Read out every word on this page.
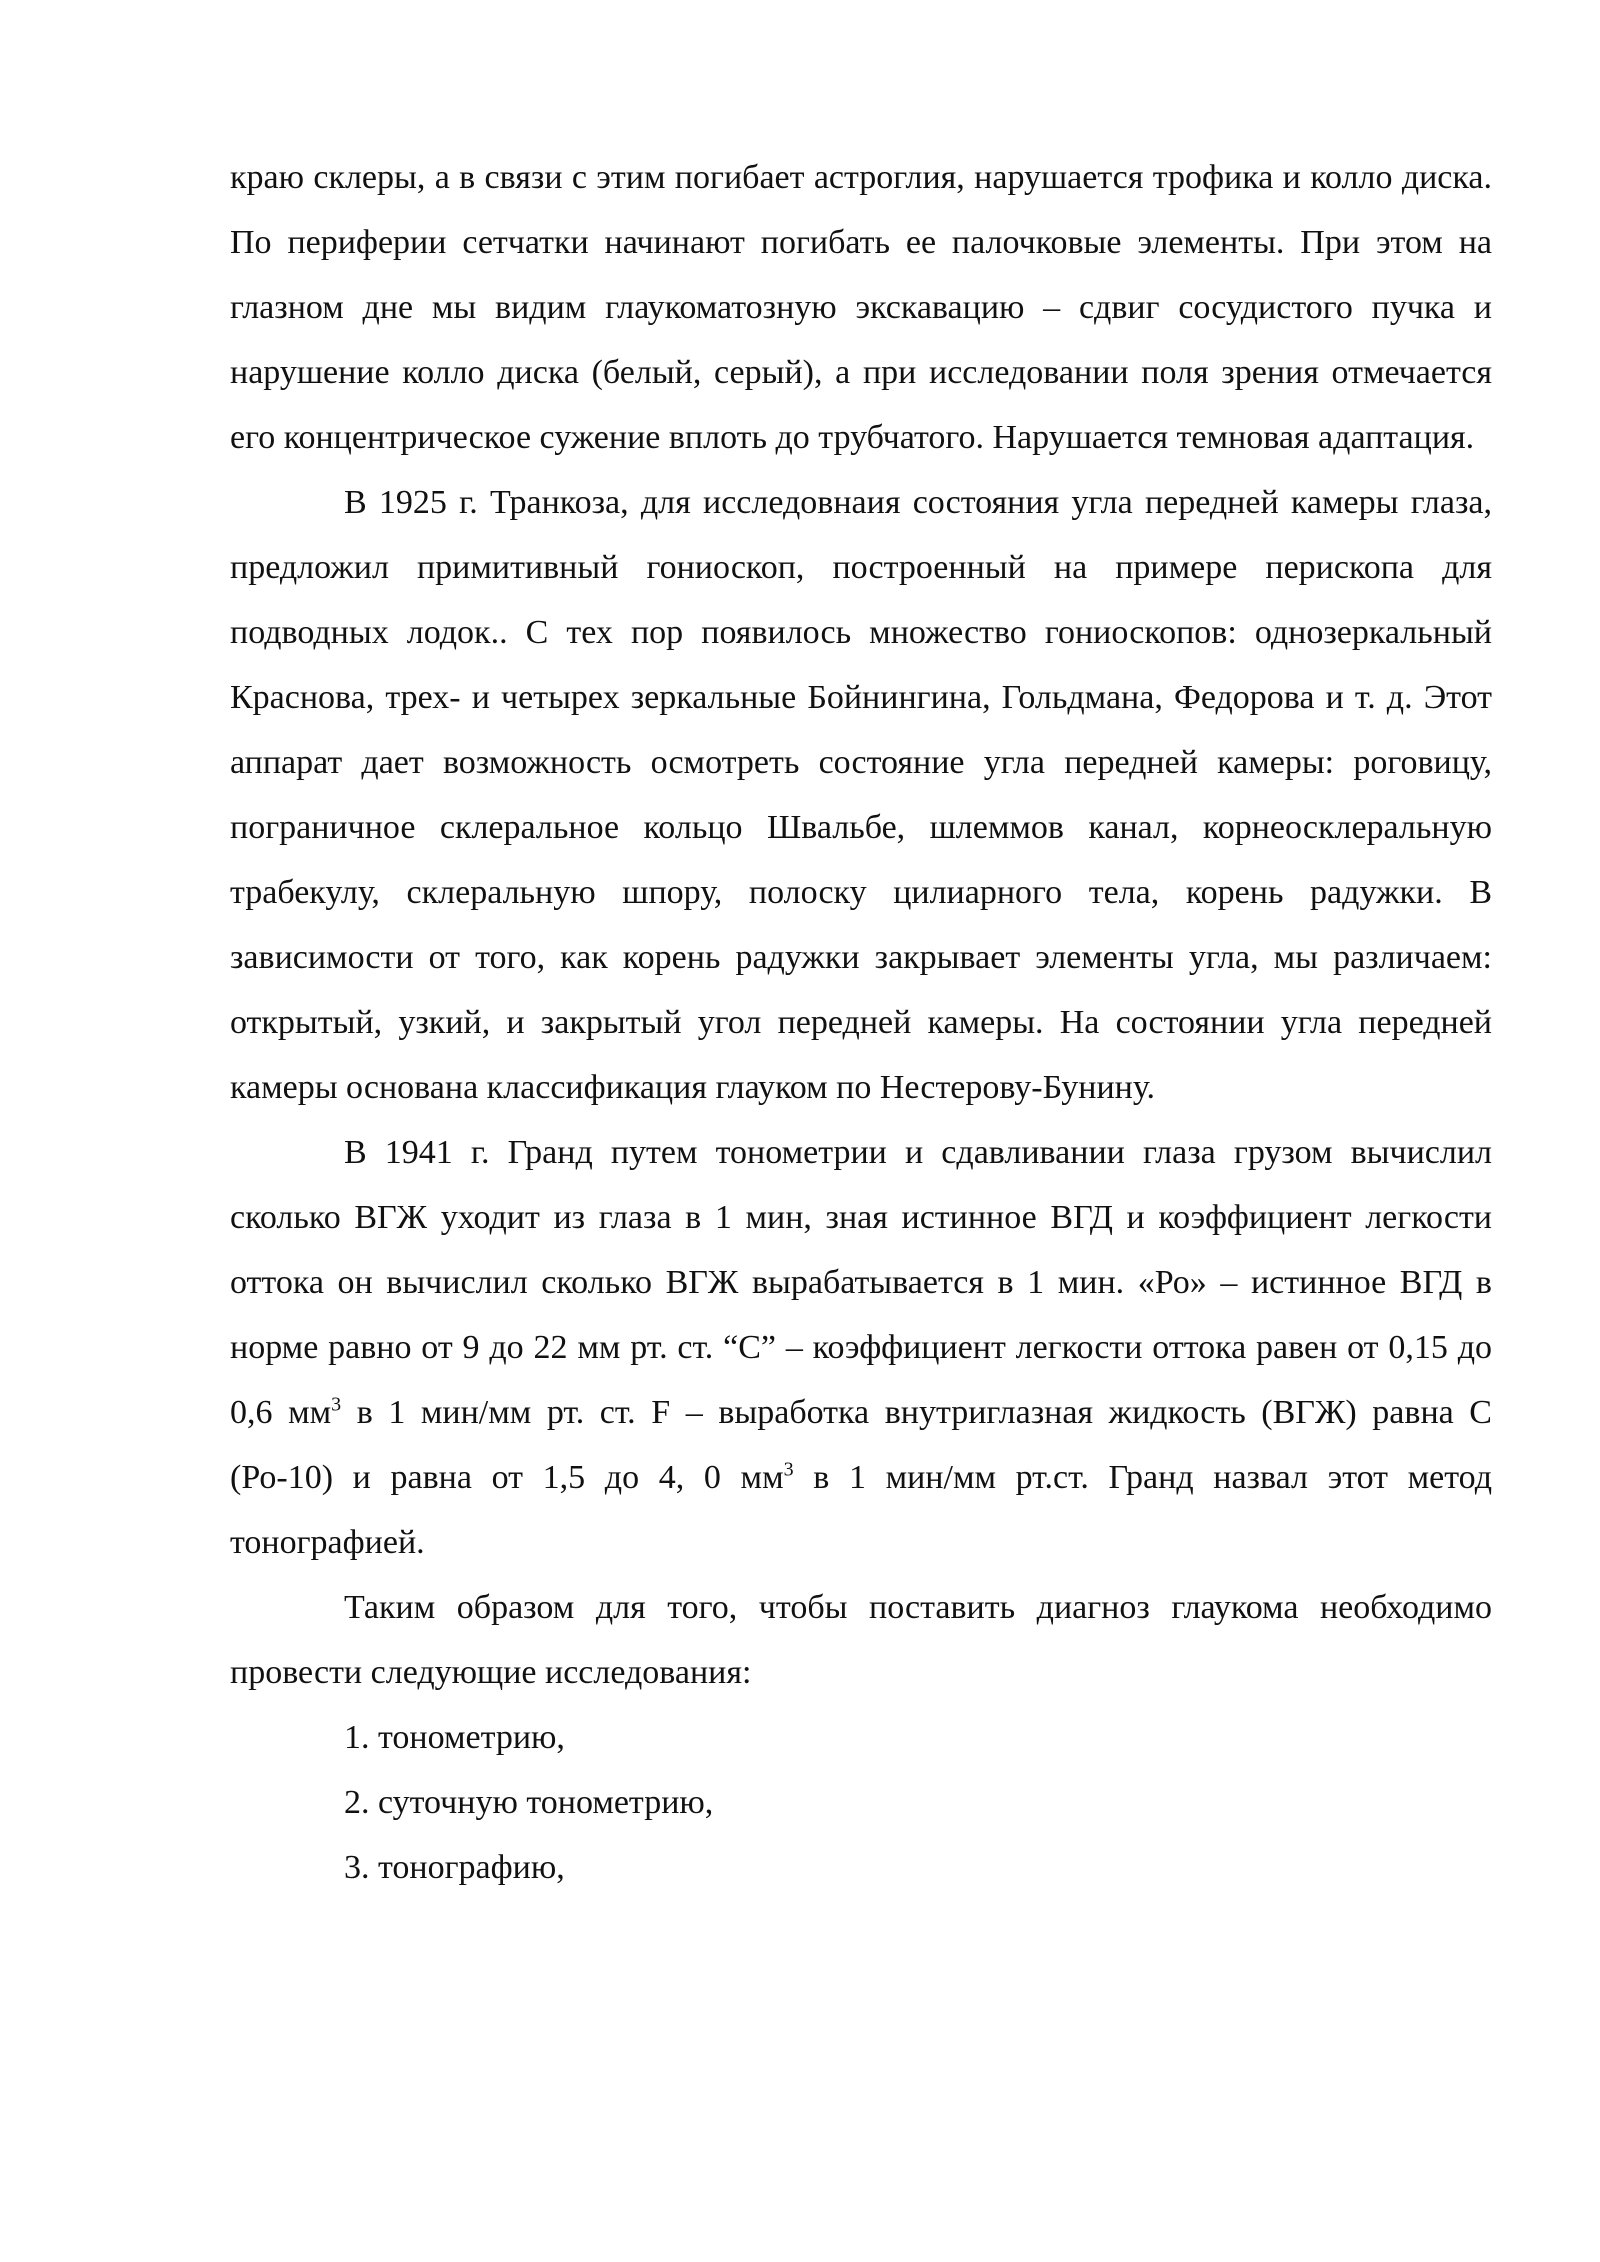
краю склеры, а в связи с этим погибает астроглия, нарушается трофика и колло диска. По периферии сетчатки начинают погибать ее палочковые элементы. При этом на глазном дне мы видим глаукоматозную экскавацию – сдвиг сосудистого пучка и нарушение колло диска (белый, серый), а при исследовании поля зрения отмечается его концентрическое сужение вплоть до трубчатого. Нарушается темновая адаптация.

В 1925 г. Транкоза, для исследовнаия состояния угла передней камеры глаза, предложил примитивный гониоскоп, построенный на примере перископа для подводных лодок.. С тех пор появилось множество гониоскопов: однозеркальный Краснова, трех- и четырех зеркальные Бойнингина, Гольдмана, Федорова и т. д. Этот аппарат дает возможность осмотреть состояние угла передней камеры: роговицу, пограничное склеральное кольцо Швальбе, шлеммов канал, корнеосклеральную трабекулу, склеральную шпору, полоску цилиарного тела, корень радужки. В зависимости от того, как корень радужки закрывает элементы угла, мы различаем: открытый, узкий, и закрытый угол передней камеры. На состоянии угла передней камеры основана классификация глауком по Нестерову-Бунину.

В 1941 г. Гранд путем тонометрии и сдавливании глаза грузом вычислил сколько ВГЖ уходит из глаза в 1 мин, зная истинное ВГД и коэффициент легкости оттока он вычислил сколько ВГЖ вырабатывается в 1 мин. «Ро» – истинное ВГД в норме равно от 9 до 22 мм рт. ст. “С” – коэффициент легкости оттока равен от 0,15 до 0,6 $мм^3$ в 1 мин/мм рт. ст. F – выработка внутриглазная жидкость (ВГЖ) равна С (Ро-10) и равна от 1,5 до 4, 0 $мм^3$ в 1 мин/мм рт.ст. Гранд назвал этот метод тонографией.

Таким образом для того, чтобы поставить диагноз глаукома необходимо провести следующие исследования:

1. тонометрию,

2. суточную тонометрию,

3. тонографию,
